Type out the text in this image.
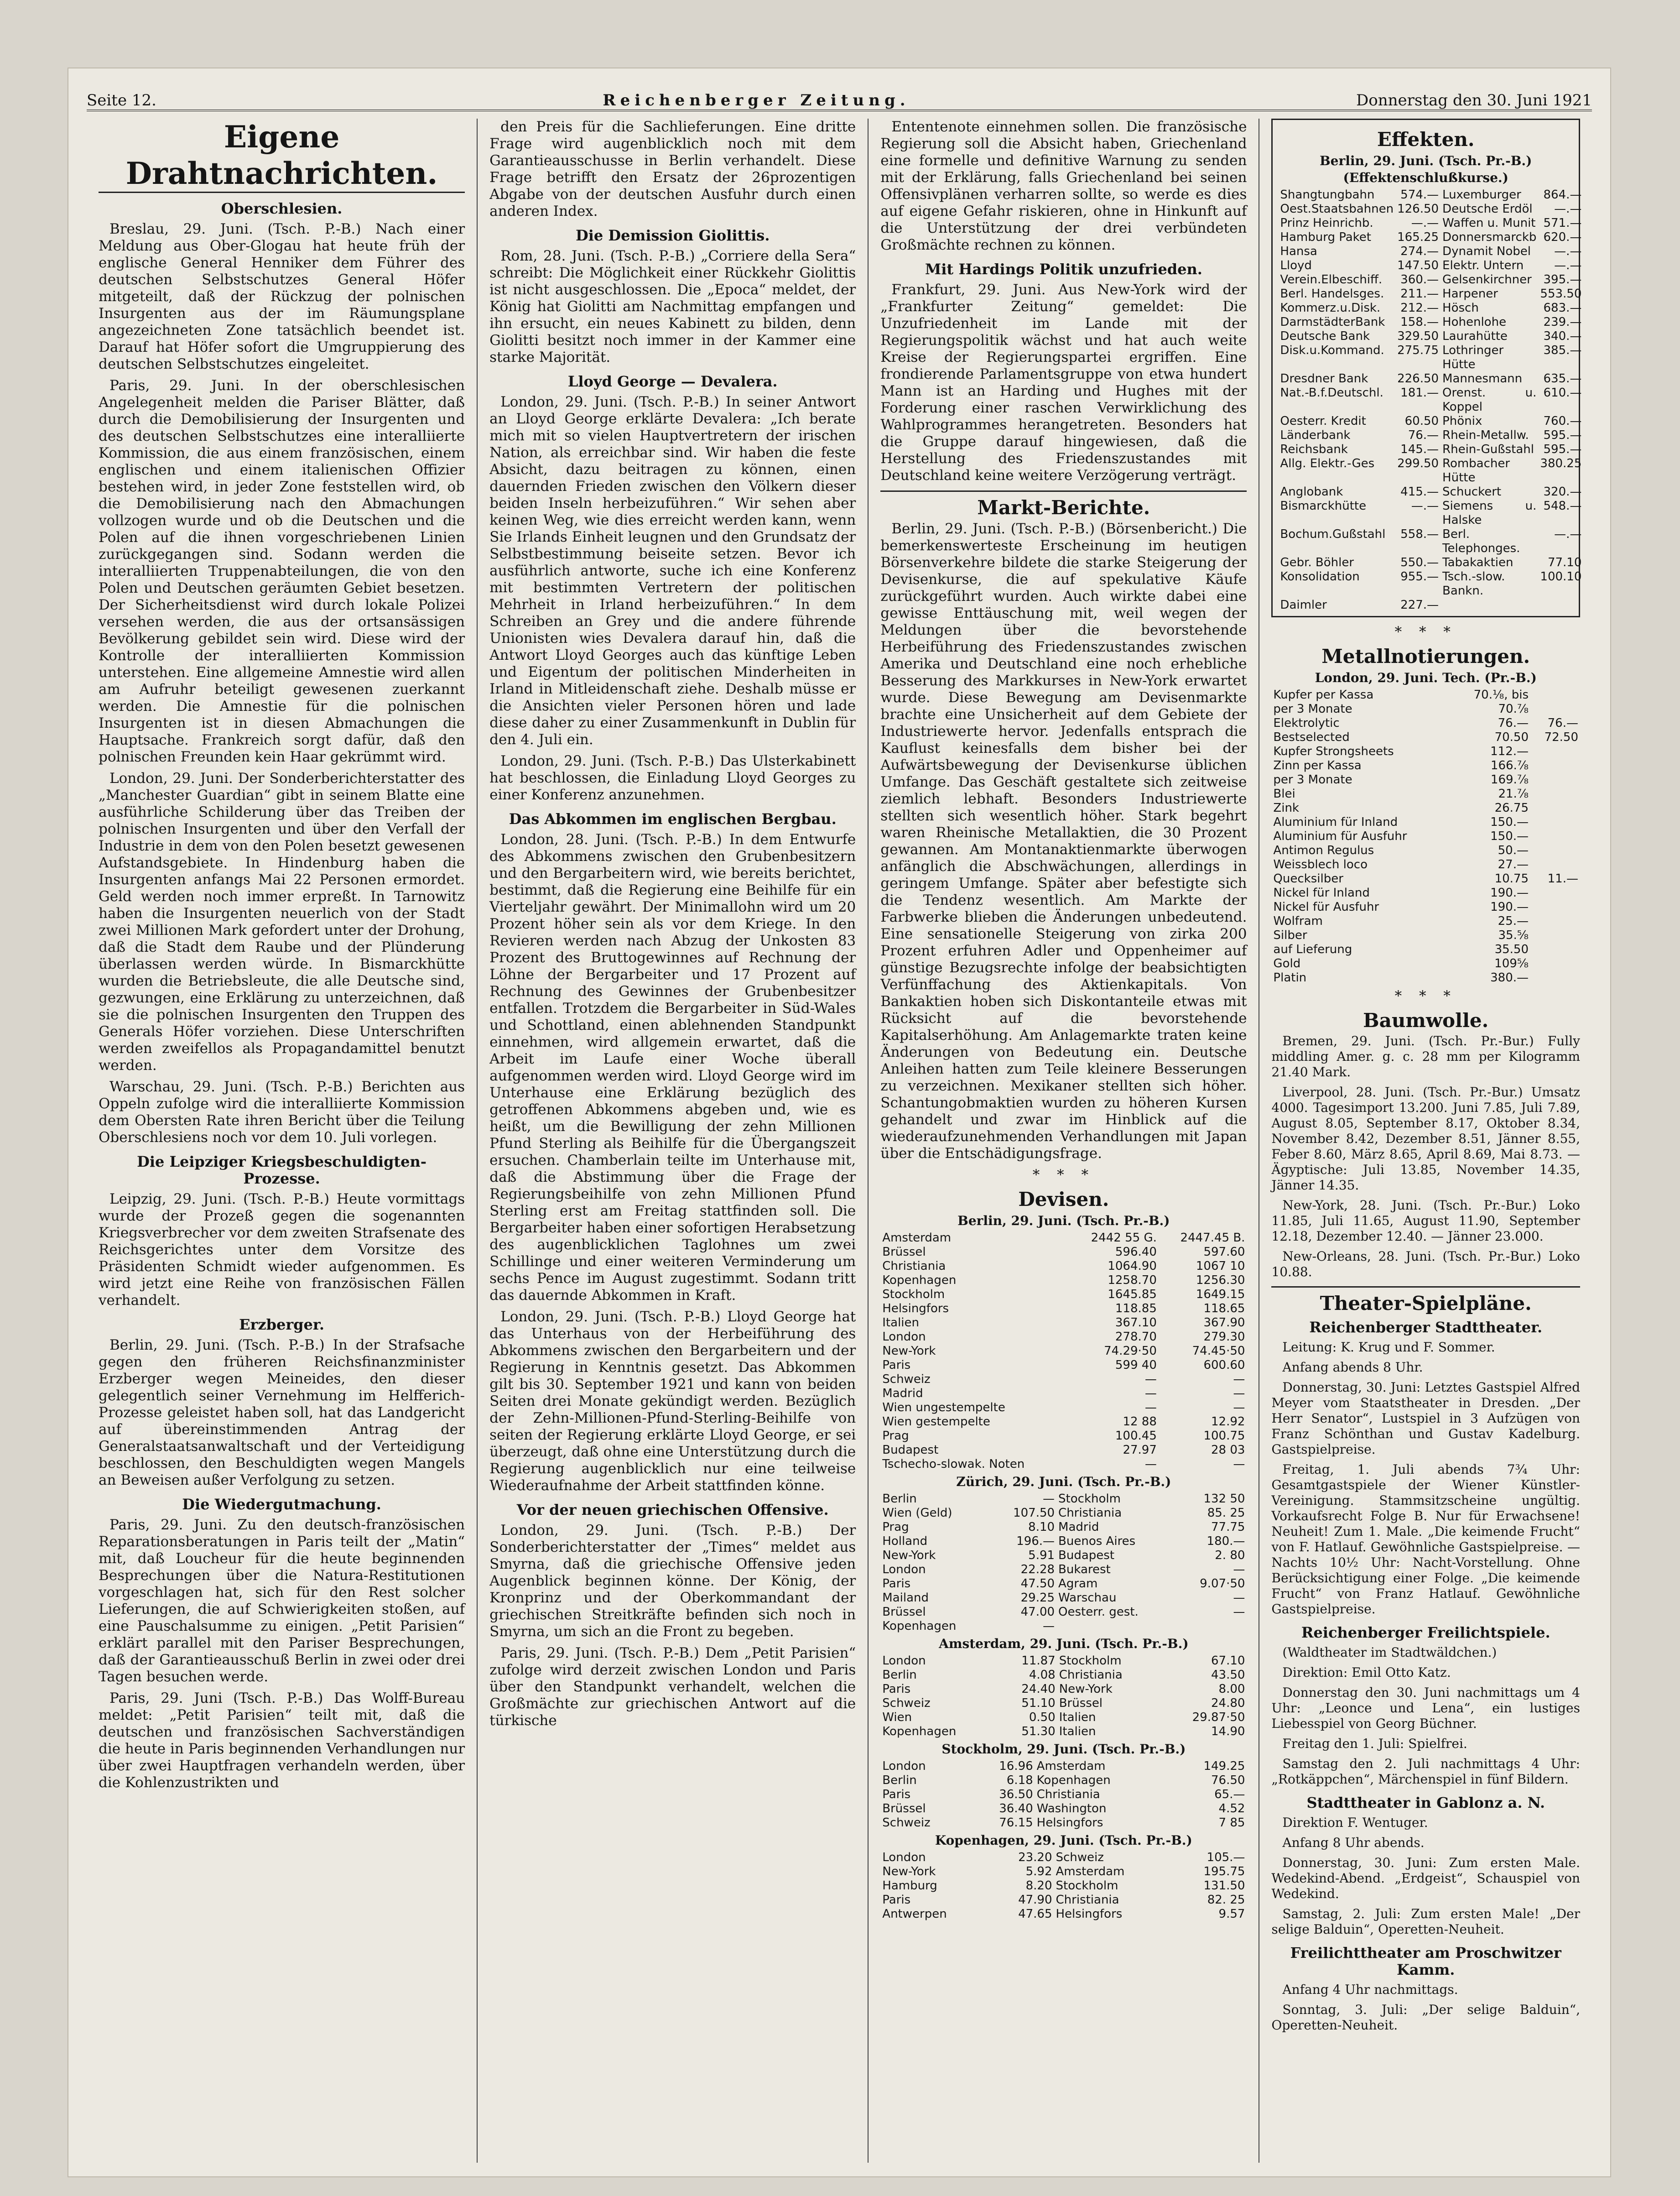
Seite 12.	Reichenberger Zeitung.	Donnerstag den 30. Juni 1921
Eigene Drahtnachrichten.
Oberschlesien.

Breslau, 29. Juni. (Tsch. P.-B.) Nach einer Meldung aus Ober-Glogau hat heute früh der englische General Henniker dem Führer des deutschen Selbstschutzes General Höfer mitgeteilt, daß der Rückzug der polnischen Insurgenten aus der im Räumungsplane angezeichneten Zone tatsächlich beendet ist. Darauf hat Höfer sofort die Umgruppierung des deutschen Selbstschutzes eingeleitet.

Paris, 29. Juni. In der oberschlesischen Angelegenheit melden die Pariser Blätter, daß durch die Demobilisierung der Insurgenten und des deutschen Selbstschutzes eine interalliierte Kommission, die aus einem französischen, einem englischen und einem italienischen Offizier bestehen wird, in jeder Zone feststellen wird, ob die Demobilisierung nach den Abmachungen vollzogen wurde und ob die Deutschen und die Polen auf die ihnen vorgeschriebenen Linien zurückgegangen sind. Sodann werden die interalliierten Truppenabteilungen, die von den Polen und Deutschen geräumten Gebiet besetzen. Der Sicherheitsdienst wird durch lokale Polizei versehen werden, die aus der ortsansässigen Bevölkerung gebildet sein wird. Diese wird der Kontrolle der interalliierten Kommission unterstehen. Eine allgemeine Amnestie wird allen am Aufruhr beteiligt gewesenen zuerkannt werden. Die Amnestie für die polnischen Insurgenten ist in diesen Abmachungen die Hauptsache. Frankreich sorgt dafür, daß den polnischen Freunden kein Haar gekrümmt wird.

London, 29. Juni. Der Sonderberichterstatter des „Manchester Guardian“ gibt in seinem Blatte eine ausführliche Schilderung über das Treiben der polnischen Insurgenten und über den Verfall der Industrie in dem von den Polen besetzt gewesenen Aufstandsgebiete. In Hindenburg haben die Insurgenten anfangs Mai 22 Personen ermordet. Geld werden noch immer erpreßt. In Tarnowitz haben die Insurgenten neuerlich von der Stadt zwei Millionen Mark gefordert unter der Drohung, daß die Stadt dem Raube und der Plünderung überlassen werden würde. In Bismarckhütte wurden die Betriebsleute, die alle Deutsche sind, gezwungen, eine Erklärung zu unterzeichnen, daß sie die polnischen Insurgenten den Truppen des Generals Höfer vorziehen. Diese Unterschriften werden zweifellos als Propagandamittel benutzt werden.

Warschau, 29. Juni. (Tsch. P.-B.) Berichten aus Oppeln zufolge wird die interalliierte Kommission dem Obersten Rate ihren Bericht über die Teilung Oberschlesiens noch vor dem 10. Juli vorlegen.

Die Leipziger Kriegsbeschuldigten-Prozesse.

Leipzig, 29. Juni. (Tsch. P.-B.) Heute vormittags wurde der Prozeß gegen die sogenannten Kriegsverbrecher vor dem zweiten Strafsenate des Reichsgerichtes unter dem Vorsitze des Präsidenten Schmidt wieder aufgenommen. Es wird jetzt eine Reihe von französischen Fällen verhandelt.

Erzberger.

Berlin, 29. Juni. (Tsch. P.-B.) In der Strafsache gegen den früheren Reichsfinanzminister Erzberger wegen Meineides, den dieser gelegentlich seiner Vernehmung im Helfferich-Prozesse geleistet haben soll, hat das Landgericht auf übereinstimmenden Antrag der Generalstaatsanwaltschaft und der Verteidigung beschlossen, den Beschuldigten wegen Mangels an Beweisen außer Verfolgung zu setzen.

Die Wiedergutmachung.

Paris, 29. Juni. Zu den deutsch-französischen Reparationsberatungen in Paris teilt der „Matin“ mit, daß Loucheur für die heute beginnenden Besprechungen über die Natura-Restitutionen vorgeschlagen hat, sich für den Rest solcher Lieferungen, die auf Schwierigkeiten stoßen, auf eine Pauschalsumme zu einigen. „Petit Parisien“ erklärt parallel mit den Pariser Besprechungen, daß der Garantieausschuß Berlin in zwei oder drei Tagen besuchen werde.

Paris, 29. Juni (Tsch. P.-B.) Das Wolff-Bureau meldet: „Petit Parisien“ teilt mit, daß die deutschen und französischen Sachverständigen die heute in Paris beginnenden Verhandlungen nur über zwei Hauptfragen verhandeln werden, über die Kohlenzustrikten und

den Preis für die Sachlieferungen. Eine dritte Frage wird augenblicklich noch mit dem Garantieausschusse in Berlin verhandelt. Diese Frage betrifft den Ersatz der 26prozentigen Abgabe von der deutschen Ausfuhr durch einen anderen Index.

Die Demission Giolittis.

Rom, 28. Juni. (Tsch. P.-B.) „Corriere della Sera“ schreibt: Die Möglichkeit einer Rückkehr Giolittis ist nicht ausgeschlossen. Die „Epoca“ meldet, der König hat Giolitti am Nachmittag empfangen und ihn ersucht, ein neues Kabinett zu bilden, denn Giolitti besitzt noch immer in der Kammer eine starke Majorität.

Lloyd George — Devalera.

London, 29. Juni. (Tsch. P.-B.) In seiner Antwort an Lloyd George erklärte Devalera: „Ich berate mich mit so vielen Hauptvertretern der irischen Nation, als erreichbar sind. Wir haben die feste Absicht, dazu beitragen zu können, einen dauernden Frieden zwischen den Völkern dieser beiden Inseln herbeizuführen.“ Wir sehen aber keinen Weg, wie dies erreicht werden kann, wenn Sie Irlands Einheit leugnen und den Grundsatz der Selbstbestimmung beiseite setzen. Bevor ich ausführlich antworte, suche ich eine Konferenz mit bestimmten Vertretern der politischen Mehrheit in Irland herbeizuführen.“ In dem Schreiben an Grey und die andere führende Unionisten wies Devalera darauf hin, daß die Antwort Lloyd Georges auch das künftige Leben und Eigentum der politischen Minderheiten in Irland in Mitleidenschaft ziehe. Deshalb müsse er die Ansichten vieler Personen hören und lade diese daher zu einer Zusammenkunft in Dublin für den 4. Juli ein.

London, 29. Juni. (Tsch. P.-B.) Das Ulsterkabinett hat beschlossen, die Einladung Lloyd Georges zu einer Konferenz anzunehmen.

Das Abkommen im englischen Bergbau.

London, 28. Juni. (Tsch. P.-B.) In dem Entwurfe des Abkommens zwischen den Grubenbesitzern und den Bergarbeitern wird, wie bereits berichtet, bestimmt, daß die Regierung eine Beihilfe für ein Vierteljahr gewährt. Der Minimallohn wird um 20 Prozent höher sein als vor dem Kriege. In den Revieren werden nach Abzug der Unkosten 83 Prozent des Bruttogewinnes auf Rechnung der Löhne der Bergarbeiter und 17 Prozent auf Rechnung des Gewinnes der Grubenbesitzer entfallen. Trotzdem die Bergarbeiter in Süd-Wales und Schottland, einen ablehnenden Standpunkt einnehmen, wird allgemein erwartet, daß die Arbeit im Laufe einer Woche überall aufgenommen werden wird. Lloyd George wird im Unterhause eine Erklärung bezüglich des getroffenen Abkommens abgeben und, wie es heißt, um die Bewilligung der zehn Millionen Pfund Sterling als Beihilfe für die Übergangszeit ersuchen. Chamberlain teilte im Unterhause mit, daß die Abstimmung über die Frage der Regierungsbeihilfe von zehn Millionen Pfund Sterling erst am Freitag stattfinden soll. Die Bergarbeiter haben einer sofortigen Herabsetzung des augenblicklichen Taglohnes um zwei Schillinge und einer weiteren Verminderung um sechs Pence im August zugestimmt. Sodann tritt das dauernde Abkommen in Kraft.

London, 29. Juni. (Tsch. P.-B.) Lloyd George hat das Unterhaus von der Herbeiführung des Abkommens zwischen den Bergarbeitern und der Regierung in Kenntnis gesetzt. Das Abkommen gilt bis 30. September 1921 und kann von beiden Seiten drei Monate gekündigt werden. Bezüglich der Zehn-Millionen-Pfund-Sterling-Beihilfe von seiten der Regierung erklärte Lloyd George, er sei überzeugt, daß ohne eine Unterstützung durch die Regierung augenblicklich nur eine teilweise Wiederaufnahme der Arbeit stattfinden könne.

Vor der neuen griechischen Offensive.

London, 29. Juni. (Tsch. P.-B.) Der Sonderberichterstatter der „Times“ meldet aus Smyrna, daß die griechische Offensive jeden Augenblick beginnen könne. Der König, der Kronprinz und der Oberkommandant der griechischen Streitkräfte befinden sich noch in Smyrna, um sich an die Front zu begeben.

Paris, 29. Juni. (Tsch. P.-B.) Dem „Petit Parisien“ zufolge wird derzeit zwischen London und Paris über den Standpunkt verhandelt, welchen die Großmächte zur griechischen Antwort auf die türkische

Ententenote einnehmen sollen. Die französische Regierung soll die Absicht haben, Griechenland eine formelle und definitive Warnung zu senden mit der Erklärung, falls Griechenland bei seinen Offensivplänen verharren sollte, so werde es dies auf eigene Gefahr riskieren, ohne in Hinkunft auf die Unterstützung der drei verbündeten Großmächte rechnen zu können.

Mit Hardings Politik unzufrieden.

Frankfurt, 29. Juni. Aus New-York wird der „Frankfurter Zeitung“ gemeldet: Die Unzufriedenheit im Lande mit der Regierungspolitik wächst und hat auch weite Kreise der Regierungspartei ergriffen. Eine frondierende Parlamentsgruppe von etwa hundert Mann ist an Harding und Hughes mit der Forderung einer raschen Verwirklichung des Wahlprogrammes herangetreten. Besonders hat die Gruppe darauf hingewiesen, daß die Herstellung des Friedenszustandes mit Deutschland keine weitere Verzögerung verträgt.

Markt-Berichte.

Berlin, 29. Juni. (Tsch. P.-B.) (Börsenbericht.) Die bemerkenswerteste Erscheinung im heutigen Börsenverkehre bildete die starke Steigerung der Devisenkurse, die auf spekulative Käufe zurückgeführt wurden. Auch wirkte dabei eine gewisse Enttäuschung mit, weil wegen der Meldungen über die bevorstehende Herbeiführung des Friedenszustandes zwischen Amerika und Deutschland eine noch erhebliche Besserung des Markkurses in New-York erwartet wurde. Diese Bewegung am Devisenmarkte brachte eine Unsicherheit auf dem Gebiete der Industriewerte hervor. Jedenfalls entsprach die Kauflust keinesfalls dem bisher bei der Aufwärtsbewegung der Devisenkurse üblichen Umfange. Das Geschäft gestaltete sich zeitweise ziemlich lebhaft. Besonders Industriewerte stellten sich wesentlich höher. Stark begehrt waren Rheinische Metallaktien, die 30 Prozent gewannen. Am Montanaktienmarkte überwogen anfänglich die Abschwächungen, allerdings in geringem Umfange. Später aber befestigte sich die Tendenz wesentlich. Am Markte der Farbwerke blieben die Änderungen unbedeutend. Eine sensationelle Steigerung von zirka 200 Prozent erfuhren Adler und Oppenheimer auf günstige Bezugsrechte infolge der beabsichtigten Verfünffachung des Aktienkapitals. Von Bankaktien hoben sich Diskontanteile etwas mit Rücksicht auf die bevorstehende Kapitalserhöhung. Am Anlagemarkte traten keine Änderungen von Bedeutung ein. Deutsche Anleihen hatten zum Teile kleinere Besserungen zu verzeichnen. Mexikaner stellten sich höher. Schantungobmaktien wurden zu höheren Kursen gehandelt und zwar im Hinblick auf die wiederaufzunehmenden Verhandlungen mit Japan über die Entschädigungsfrage.

* * *
Devisen.
Berlin, 29. Juni. (Tsch. Pr.-B.)
Amsterdam	2442 55 G.	2447.45 B.
Brüssel	596.40	597.60
Christiania	1064.90	1067 10
Kopenhagen	1258.70	1256.30
Stockholm	1645.85	1649.15
Helsingfors	118.85	118.65
Italien	367.10	367.90
London	278.70	279.30
New-York	74.29·50	74.45·50
Paris	599 40	600.60
Schweiz	—	—
Madrid	—	—
Wien ungestempelte	—	—
Wien gestempelte	12 88	12.92
Prag	100.45	100.75
Budapest	27.97	28 03
Tschecho-slowak. Noten	—	—
Zürich, 29. Juni. (Tsch. Pr.-B.)
Berlin	—	Stockholm	132 50
Wien (Geld)	107.50	Christiania	85. 25
Prag	8.10	Madrid	77.75
Holland	196.—	Buenos Aires	180.—
New-York	5.91	Budapest	2. 80
London	22.28	Bukarest	—
Paris	47.50	Agram	9.07·50
Mailand	29.25	Warschau	—
Brüssel	47.00	Oesterr. gest.	—
Kopenhagen	—		
Amsterdam, 29. Juni. (Tsch. Pr.-B.)
London	11.87	Stockholm	67.10
Berlin	4.08	Christiania	43.50
Paris	24.40	New-York	8.00
Schweiz	51.10	Brüssel	24.80
Wien	0.50	Italien	29.87·50
Kopenhagen	51.30	Italien	14.90
Stockholm, 29. Juni. (Tsch. Pr.-B.)
London	16.96	Amsterdam	149.25
Berlin	6.18	Kopenhagen	76.50
Paris	36.50	Christiania	65.—
Brüssel	36.40	Washington	4.52
Schweiz	76.15	Helsingfors	7 85
Kopenhagen, 29. Juni. (Tsch. Pr.-B.)
London	23.20	Schweiz	105.—
New-York	5.92	Amsterdam	195.75
Hamburg	8.20	Stockholm	131.50
Paris	47.90	Christiania	82. 25
Antwerpen	47.65	Helsingfors	9.57
Effekten.
Berlin, 29. Juni. (Tsch. Pr.-B.) (Effektenschlußkurse.)
Shangtungbahn	574.—	Luxemburger	864.—
Oest.Staatsbahnen	126.50	Deutsche Erdöl	—.—
Prinz Heinrichb.	—.—	Waffen u. Munit	571.—
Hamburg Paket	165.25	Donnersmarckb	620.—
Hansa	274.—	Dynamit Nobel	—.—
Lloyd	147.50	Elektr. Untern	—.—
Verein.Elbeschiff.	360.—	Gelsenkirchner	395.—
Berl. Handelsges.	211.—	Harpener	553.50
Kommerz.u.Disk.	212.—	Hösch	683.—
DarmstädterBank	158.—	Hohenlohe	239.—
Deutsche Bank	329.50	Laurahütte	340.—
Disk.u.Kommand.	275.75	Lothringer Hütte	385.—
Dresdner Bank	226.50	Mannesmann	635.—
Nat.-B.f.Deutschl.	181.—	Orenst. u. Koppel	610.—
Oesterr. Kredit	60.50	Phönix	760.—
Länderbank	76.—	Rhein-Metallw.	595.—
Reichsbank	145.—	Rhein-Gußstahl	595.—
Allg. Elektr.-Ges	299.50	Rombacher Hütte	380.25
Anglobank	415.—	Schuckert	320.—
Bismarckhütte	—.—	Siemens u. Halske	548.—
Bochum.Gußstahl	558.—	Berl. Telephonges.	—.—
Gebr. Böhler	550.—	Tabakaktien	77.10
Konsolidation	955.—	Tsch.-slow. Bankn.	100.10
Daimler	227.—		
* * *
Metallnotierungen.
London, 29. Juni. Tech. (Pr.-B.)
Kupfer per Kassa	70.⅛, bis	
per 3 Monate	70.⅞	
Elektrolytic	76.—	76.—
Bestselected	70.50	72.50
Kupfer Strongsheets	112.—	
Zinn per Kassa	166.⅞	
per 3 Monate	169.⅞	
Blei	21.⅞	
Zink	26.75	
Aluminium für Inland	150.—	
Aluminium für Ausfuhr	150.—	
Antimon Regulus	50.—	
Weissblech loco	27.—	
Quecksilber	10.75	11.—
Nickel für Inland	190.—	
Nickel für Ausfuhr	190.—	
Wolfram	25.—	
Silber	35.⅝	
auf Lieferung	35.50	
Gold	109⅝	
Platin	380.—	
* * *
Baumwolle.

Bremen, 29. Juni. (Tsch. Pr.-Bur.) Fully middling Amer. g. c. 28 mm per Kilogramm 21.40 Mark.

Liverpool, 28. Juni. (Tsch. Pr.-Bur.) Umsatz 4000. Tagesimport 13.200. Juni 7.85, Juli 7.89, August 8.05, September 8.17, Oktober 8.34, November 8.42, Dezember 8.51, Jänner 8.55, Feber 8.60, März 8.65, April 8.69, Mai 8.73. — Ägyptische: Juli 13.85, November 14.35, Jänner 14.35.

New-York, 28. Juni. (Tsch. Pr.-Bur.) Loko 11.85, Juli 11.65, August 11.90, September 12.18, Dezember 12.40. — Jänner 23.000.

New-Orleans, 28. Juni. (Tsch. Pr.-Bur.) Loko 10.88.

Theater-Spielpläne.
Reichenberger Stadttheater.

Leitung: K. Krug und F. Sommer.

Anfang abends 8 Uhr.

Donnerstag, 30. Juni: Letztes Gastspiel Alfred Meyer vom Staatstheater in Dresden. „Der Herr Senator“, Lustspiel in 3 Aufzügen von Franz Schönthan und Gustav Kadelburg. Gastspielpreise.

Freitag, 1. Juli abends 7¾ Uhr: Gesamtgastspiele der Wiener Künstler-Vereinigung. Stammsitzscheine ungültig. Vorkaufsrecht Folge B. Nur für Erwachsene! Neuheit! Zum 1. Male. „Die keimende Frucht“ von F. Hatlauf. Gewöhnliche Gastspielpreise. — Nachts 10½ Uhr: Nacht-Vorstellung. Ohne Berücksichtigung einer Folge. „Die keimende Frucht“ von Franz Hatlauf. Gewöhnliche Gastspielpreise.

Reichenberger Freilichtspiele.

(Waldtheater im Stadtwäldchen.)

Direktion: Emil Otto Katz.

Donnerstag den 30. Juni nachmittags um 4 Uhr: „Leonce und Lena“, ein lustiges Liebesspiel von Georg Büchner.

Freitag den 1. Juli: Spielfrei.

Samstag den 2. Juli nachmittags 4 Uhr: „Rotkäppchen“, Märchenspiel in fünf Bildern.

Stadttheater in Gablonz a. N.

Direktion F. Wentuger.

Anfang 8 Uhr abends.

Donnerstag, 30. Juni: Zum ersten Male. Wedekind-Abend. „Erdgeist“, Schauspiel von Wedekind.

Samstag, 2. Juli: Zum ersten Male! „Der selige Balduin“, Operetten-Neuheit.

Freilichttheater am Proschwitzer Kamm.

Anfang 4 Uhr nachmittags.

Sonntag, 3. Juli: „Der selige Balduin“, Operetten-Neuheit.
